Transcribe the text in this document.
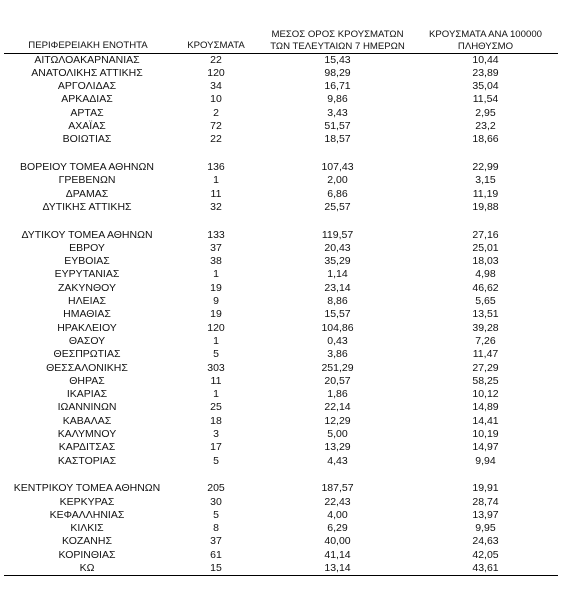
ΠΕΡΙΦΕΡΕΙΑΚΗ ΕΝΟΤΗΤΑ	ΚΡΟΥΣΜΑΤΑ	ΜΕΣΟΣ ΟΡΟΣ ΚΡΟΥΣΜΑΤΩΝ ΤΩΝ ΤΕΛΕΥΤΑΙΩΝ 7 ΗΜΕΡΩΝ	ΚΡΟΥΣΜΑΤΑ ΑΝΑ 100000 ΠΛΗΘΥΣΜΟ
ΑΙΤΩΛΟΑΚΑΡΝΑΝΙΑΣ	22	15,43	10,44
ΑΝΑΤΟΛΙΚΗΣ ΑΤΤΙΚΗΣ	120	98,29	23,89
ΑΡΓΟΛΙΔΑΣ	34	16,71	35,04
ΑΡΚΑΔΙΑΣ	10	9,86	11,54
ΑΡΤΑΣ	2	3,43	2,95
ΑΧΑΪΑΣ	72	51,57	23,2
ΒΟΙΩΤΙΑΣ	22	18,57	18,66

ΒΟΡΕΙΟΥ ΤΟΜΕΑ ΑΘΗΝΩΝ	136	107,43	22,99
ΓΡΕΒΕΝΩΝ	1	2,00	3,15
ΔΡΑΜΑΣ	11	6,86	11,19
ΔΥΤΙΚΗΣ ΑΤΤΙΚΗΣ	32	25,57	19,88

ΔΥΤΙΚΟΥ ΤΟΜΕΑ ΑΘΗΝΩΝ	133	119,57	27,16
ΕΒΡΟΥ	37	20,43	25,01
ΕΥΒΟΙΑΣ	38	35,29	18,03
ΕΥΡΥΤΑΝΙΑΣ	1	1,14	4,98
ΖΑΚΥΝΘΟΥ	19	23,14	46,62
ΗΛΕΙΑΣ	9	8,86	5,65
ΗΜΑΘΙΑΣ	19	15,57	13,51
ΗΡΑΚΛΕΙΟΥ	120	104,86	39,28
ΘΑΣΟΥ	1	0,43	7,26
ΘΕΣΠΡΩΤΙΑΣ	5	3,86	11,47
ΘΕΣΣΑΛΟΝΙΚΗΣ	303	251,29	27,29
ΘΗΡΑΣ	11	20,57	58,25
ΙΚΑΡΙΑΣ	1	1,86	10,12
ΙΩΑΝΝΙΝΩΝ	25	22,14	14,89
ΚΑΒΑΛΑΣ	18	12,29	14,41
ΚΑΛΥΜΝΟΥ	3	5,00	10,19
ΚΑΡΔΙΤΣΑΣ	17	13,29	14,97
ΚΑΣΤΟΡΙΑΣ	5	4,43	9,94

ΚΕΝΤΡΙΚΟΥ ΤΟΜΕΑ ΑΘΗΝΩΝ	205	187,57	19,91
ΚΕΡΚΥΡΑΣ	30	22,43	28,74
ΚΕΦΑΛΛΗΝΙΑΣ	5	4,00	13,97
ΚΙΛΚΙΣ	8	6,29	9,95
ΚΟΖΑΝΗΣ	37	40,00	24,63
ΚΟΡΙΝΘΙΑΣ	61	41,14	42,05
ΚΩ	15	13,14	43,61
